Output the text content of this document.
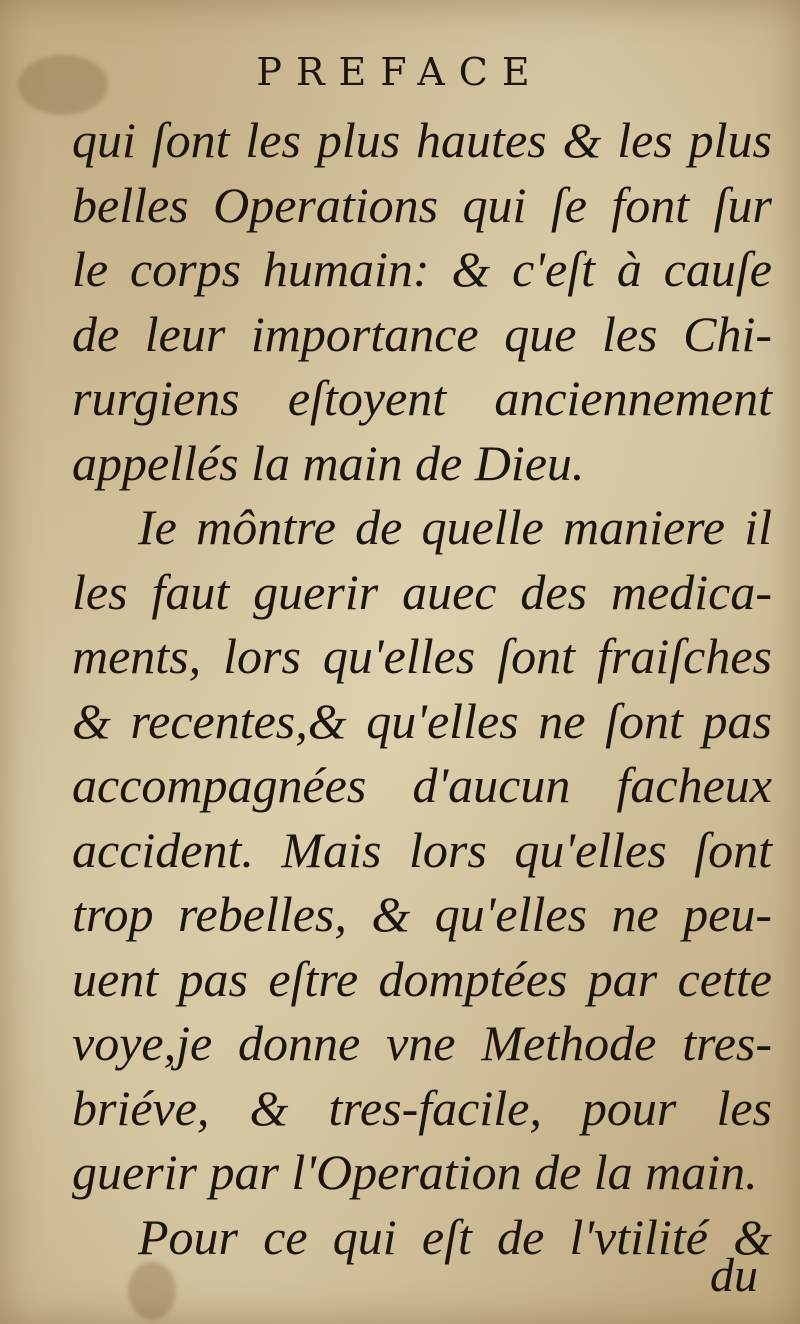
PREFACE
qui ſont les plus hautes & les plus
belles Operations qui ſe font ſur
le corps humain: & c'eſt à cauſe
de leur importance que les Chi-
rurgiens eſtoyent anciennement
appellés la main de Dieu.
Ie môntre de quelle maniere il
les faut guerir auec des medica-
ments, lors qu'elles ſont fraiſches
& recentes,& qu'elles ne ſont pas
accompagnées d'aucun facheux
accident. Mais lors qu'elles ſont
trop rebelles, & qu'elles ne peu-
uent pas eſtre domptées par cette
voye,je donne vne Methode tres-
briéve, & tres-facile, pour les
guerir par l'Operation de la main.
Pour ce qui eſt de l'vtilité &
du
